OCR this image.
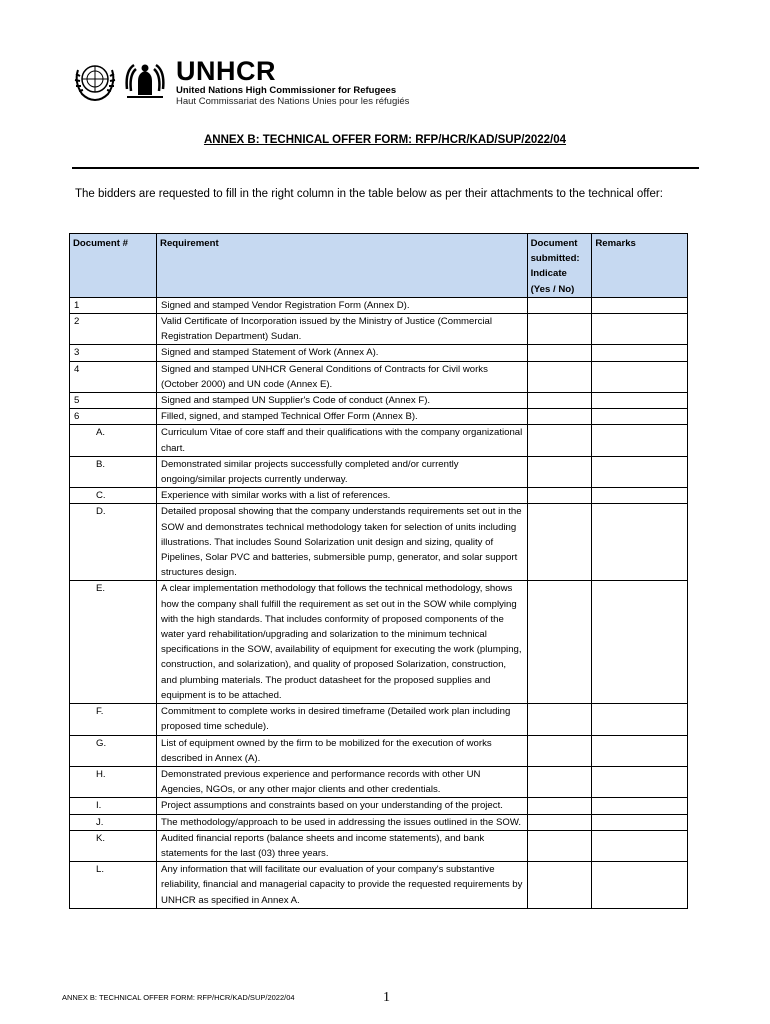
UNHCR
United Nations High Commissioner for Refugees
Haut Commissariat des Nations Unies pour les réfugiés
ANNEX B: TECHNICAL OFFER FORM: RFP/HCR/KAD/SUP/2022/04
The bidders are requested to fill in the right column in the table below as per their attachments to the technical offer:
Document #	Requirement	Document submitted: Indicate (Yes / No)	Remarks
1	Signed and stamped Vendor Registration Form (Annex D).		
2	Valid Certificate of Incorporation issued by the Ministry of Justice (Commercial Registration Department) Sudan.		
3	Signed and stamped Statement of Work (Annex A).		
4	Signed and stamped UNHCR General Conditions of Contracts for Civil works (October 2000) and UN code (Annex E).		
5	Signed and stamped UN Supplier's Code of conduct (Annex F).		
6	Filled, signed, and stamped Technical Offer Form (Annex B).		
A.	Curriculum Vitae of core staff and their qualifications with the company organizational chart.		
B.	Demonstrated similar projects successfully completed and/or currently ongoing/similar projects currently underway.		
C.	Experience with similar works with a list of references.		
D.	Detailed proposal showing that the company understands requirements set out in the SOW and demonstrates technical methodology taken for selection of units including illustrations. That includes Sound Solarization unit design and sizing, quality of Pipelines, Solar PVC and batteries, submersible pump, generator, and solar support structures design.		
E.	A clear implementation methodology that follows the technical methodology, shows how the company shall fulfill the requirement as set out in the SOW while complying with the high standards. That includes conformity of proposed components of the water yard rehabilitation/upgrading and solarization to the minimum technical specifications in the SOW, availability of equipment for executing the work (plumping, construction, and solarization), and quality of proposed Solarization, construction, and plumbing materials. The product datasheet for the proposed supplies and equipment is to be attached.		
F.	Commitment to complete works in desired timeframe (Detailed work plan including proposed time schedule).		
G.	List of equipment owned by the firm to be mobilized for the execution of works described in Annex (A).		
H.	Demonstrated previous experience and performance records with other UN Agencies, NGOs, or any other major clients and other credentials.		
I.	Project assumptions and constraints based on your understanding of the project.		
J.	The methodology/approach to be used in addressing the issues outlined in the SOW.		
K.	Audited financial reports (balance sheets and income statements), and bank statements for the last (03) three years.		
L.	Any information that will facilitate our evaluation of your company's substantive reliability, financial and managerial capacity to provide the requested requirements by UNHCR as specified in Annex A.		
ANNEX B: TECHNICAL OFFER FORM: RFP/HCR/KAD/SUP/2022/04	1
